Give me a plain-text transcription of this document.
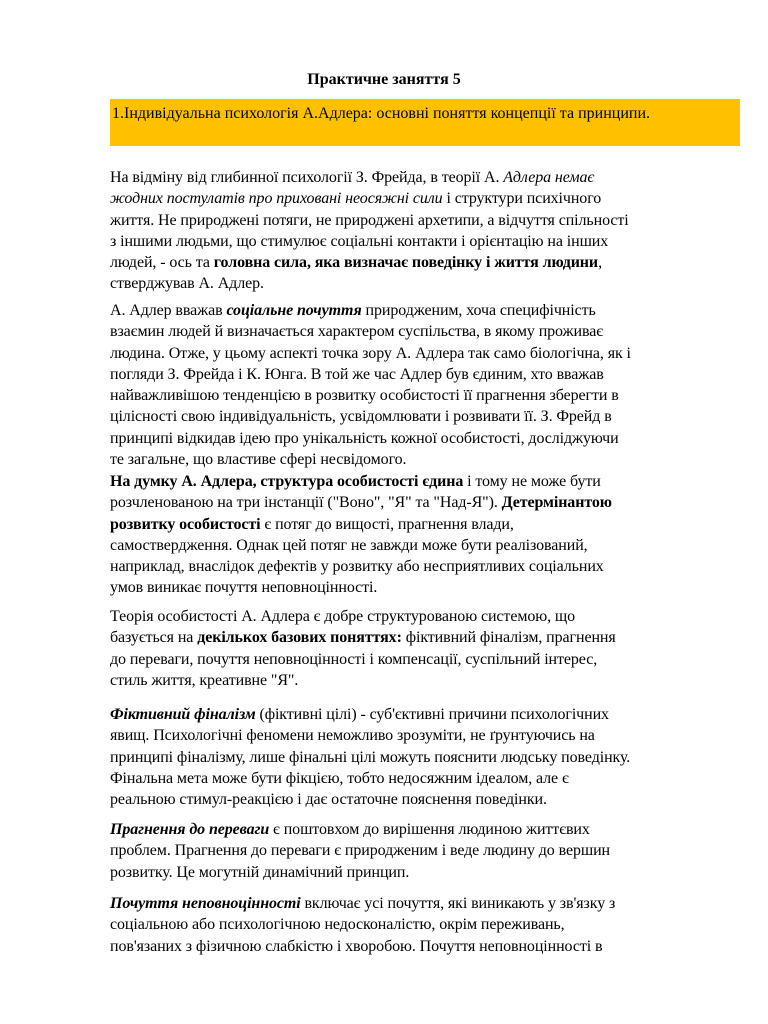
Практичне заняття 5
1.Індивідуальна психологія А.Адлера: основні поняття концепції та принципи.

На відміну від глибинної психології З. Фрейда, в теорії А. Адлера немає
жодних постулатів про приховані неосяжні сили і структури психічного
життя. Не природжені потяги, не природжені архетипи, а відчуття спільності
з іншими людьми, що стимулює соціальні контакти і орієнтацію на інших
людей, - ось та головна сила, яка визначає поведінку і життя людини,
стверджував А. Адлер.

А. Адлер вважав соціальне почуття природженим, хоча специфічність
взаємин людей й визначається характером суспільства, в якому проживає
людина. Отже, у цьому аспекті точка зору А. Адлера так само біологічна, як і
погляди З. Фрейда і К. Юнга. В той же час Адлер був єдиним, хто вважав
найважливішою тенденцією в розвитку особистості її прагнення зберегти в
цілісності свою індивідуальність, усвідомлювати і розвивати її. З. Фрейд в
принципі відкидав ідею про унікальність кожної особистості, досліджуючи
те загальне, що властиве сфері несвідомого.

На думку А. Адлера, структура особистості єдина і тому не може бути
розчленованою на три інстанції ("Воно", "Я" та "Над-Я"). Детермінантою
розвитку особистості є потяг до вищості, прагнення влади,
самоствердження. Однак цей потяг не завжди може бути реалізований,
наприклад, внаслідок дефектів у розвитку або несприятливих соціальних
умов виникає почуття неповноцінності.

Теорія особистості А. Адлера є добре структурованою системою, що
базується на декількох базових поняттях: фіктивний фіналізм, прагнення
до переваги, почуття неповноцінності і компенсації, суспільний інтерес,
стиль життя, креативне "Я".

Фіктивний фіналізм (фіктивні цілі) - суб'єктивні причини психологічних
явищ. Психологічні феномени неможливо зрозуміти, не ґрунтуючись на
принципі фіналізму, лише фінальні цілі можуть пояснити людську поведінку.
Фінальна мета може бути фікцією, тобто недосяжним ідеалом, але є
реальною стимул-реакцією і дає остаточне пояснення поведінки.

Прагнення до переваги є поштовхом до вирішення людиною життєвих
проблем. Прагнення до переваги є природженим і веде людину до вершин
розвитку. Це могутній динамічний принцип.

Почуття неповноцінності включає усі почуття, які виникають у зв'язку з
соціальною або психологічною недосконалістю, окрім переживань,
пов'язаних з фізичною слабкістю і хворобою. Почуття неповноцінності в
